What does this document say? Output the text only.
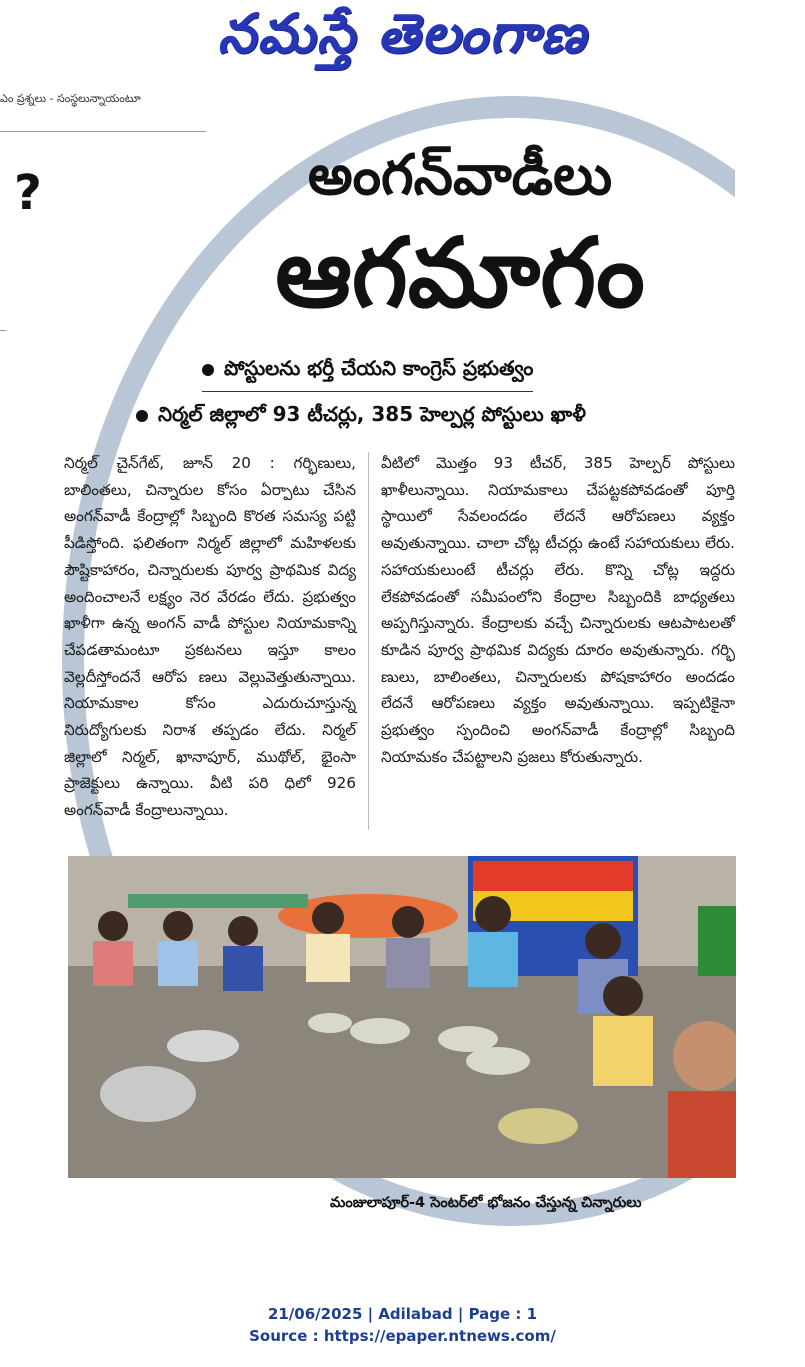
నమస్తే తెలంగాణ
ఎం ప్రశ్నలు - సంస్థలున్నాయంటూ
?	అంగన్‌వాడీలు
ఆగమాగం
పోస్టులను భర్తీ చేయని కాంగ్రెస్ ప్రభుత్వం
నిర్మల్ జిల్లాలో 93 టీచర్లు, 385 హెల్పర్ల పోస్టులు ఖాళీ

నిర్మల్ చైన్‌గేట్, జూన్ 20 : గర్భిణులు, బాలింతలు, చిన్నారుల కోసం ఏర్పాటు చేసిన అంగన్‌వాడీ కేంద్రాల్లో సిబ్బంది కొరత సమస్య పట్టి పీడిస్తోంది. ఫలితంగా నిర్మల్ జిల్లాలో మహిళలకు పౌష్టికాహారం, చిన్నారులకు పూర్వ ప్రాథమిక విద్య అందించాలనే లక్ష్యం నెర వేరడం లేదు. ప్రభుత్వం ఖాళీగా ఉన్న అంగన్ వాడీ పోస్టుల నియామకాన్ని చేపడతామంటూ ప్రకటనలు ఇస్తూ కాలం వెల్లదీస్తోందనే ఆరోప ణలు వెల్లువెత్తుతున్నాయి. నియామకాల కోసం ఎదురుచూస్తున్న నిరుద్యోగులకు నిరాశ తప్పడం లేదు. నిర్మల్ జిల్లాలో నిర్మల్, ఖానాపూర్, ముథోల్, భైంసా ప్రాజెక్టులు ఉన్నాయి. వీటి పరి ధిలో 926 అంగన్‌వాడీ కేంద్రాలున్నాయి.

వీటిలో మొత్తం 93 టీచర్, 385 హెల్పర్ పోస్టులు ఖాళీలున్నాయి. నియామకాలు చేపట్టకపోవడంతో పూర్తి స్థాయిలో సేవలందడం లేదనే ఆరోపణలు వ్యక్తం అవుతున్నాయి. చాలా చోట్ల టీచర్లు ఉంటే సహాయకులు లేరు. సహాయకులుంటే టీచర్లు లేరు. కొన్ని చోట్ల ఇద్దరు లేకపోవడంతో సమీపంలోని కేంద్రాల సిబ్బందికి బాధ్యతలు అప్పగిస్తున్నారు. కేంద్రాలకు వచ్చే చిన్నారులకు ఆటపాటలతో కూడిన పూర్వ ప్రాథమిక విద్యకు దూరం అవుతున్నారు. గర్భి ణులు, బాలింతలు, చిన్నారులకు పోషకాహారం అందడం లేదనే ఆరోపణలు వ్యక్తం అవుతున్నాయి. ఇప్పటికైనా ప్రభుత్వం స్పందించి అంగన్‌వాడీ కేంద్రాల్లో సిబ్బంది నియామకం చేపట్టాలని ప్రజలు కోరుతున్నారు.

మంజులాపూర్-4 సెంటర్‌లో భోజనం చేస్తున్న చిన్నారులు
21/06/2025 | Adilabad | Page : 1
Source : https://epaper.ntnews.com/
